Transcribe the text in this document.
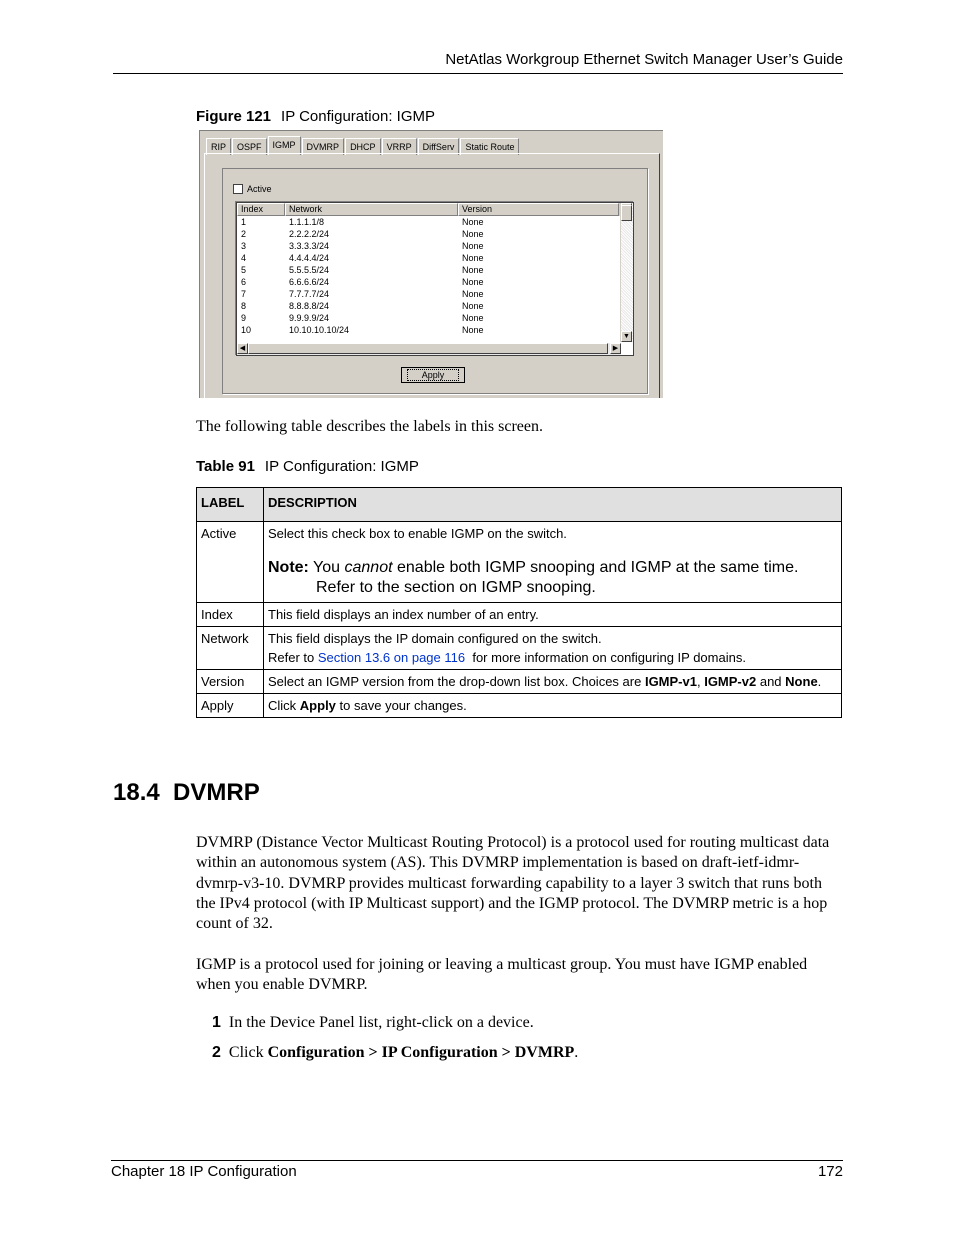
NetAtlas Workgroup Ethernet Switch Manager User’s Guide
Figure 121 IP Configuration: IGMP
RIP	OSPF	IGMP	DVMRP	DHCP	VRRP	DiffServ	Static Route
Active
Index	Network	Version
1	1.1.1.1/8	None
2	2.2.2.2/24	None
3	3.3.3.3/24	None
4	4.4.4.4/24	None
5	5.5.5.5/24	None
6	6.6.6.6/24	None
7	7.7.7.7/24	None
8	8.8.8.8/24	None
9	9.9.9.9/24	None
10	10.10.10.10/24	None
▼
◀	▶
Apply
The following table describes the labels in this screen.
Table 91 IP Configuration: IGMP
LABEL	DESCRIPTION
Active	Select this check box to enable IGMP on the switch.
Note: You cannot enable both IGMP snooping and IGMP at the same time.
Refer to the section on IGMP snooping.

Index	This field displays an index number of an entry.
Network	This field displays the IP domain configured on the switch.
Refer to Section 13.6 on page 116 for more information on configuring IP domains.
Version	Select an IGMP version from the drop-down list box. Choices are IGMP-v1, IGMP-v2 and None.
Apply	Click Apply to save your changes.
18.4  DVMRP
DVMRP (Distance Vector Multicast Routing Protocol) is a protocol used for routing multicast data within an autonomous system (AS). This DVMRP implementation is based on draft-ietf-idmr-dvmrp-v3-10. DVMRP provides multicast forwarding capability to a layer 3 switch that runs both the IPv4 protocol (with IP Multicast support) and the IGMP protocol. The DVMRP metric is a hop count of 32.
IGMP is a protocol used for joining or leaving a multicast group. You must have IGMP enabled when you enable DVMRP.
1 In the Device Panel list, right-click on a device.
2 Click Configuration > IP Configuration > DVMRP.
Chapter 18 IP Configuration	172
